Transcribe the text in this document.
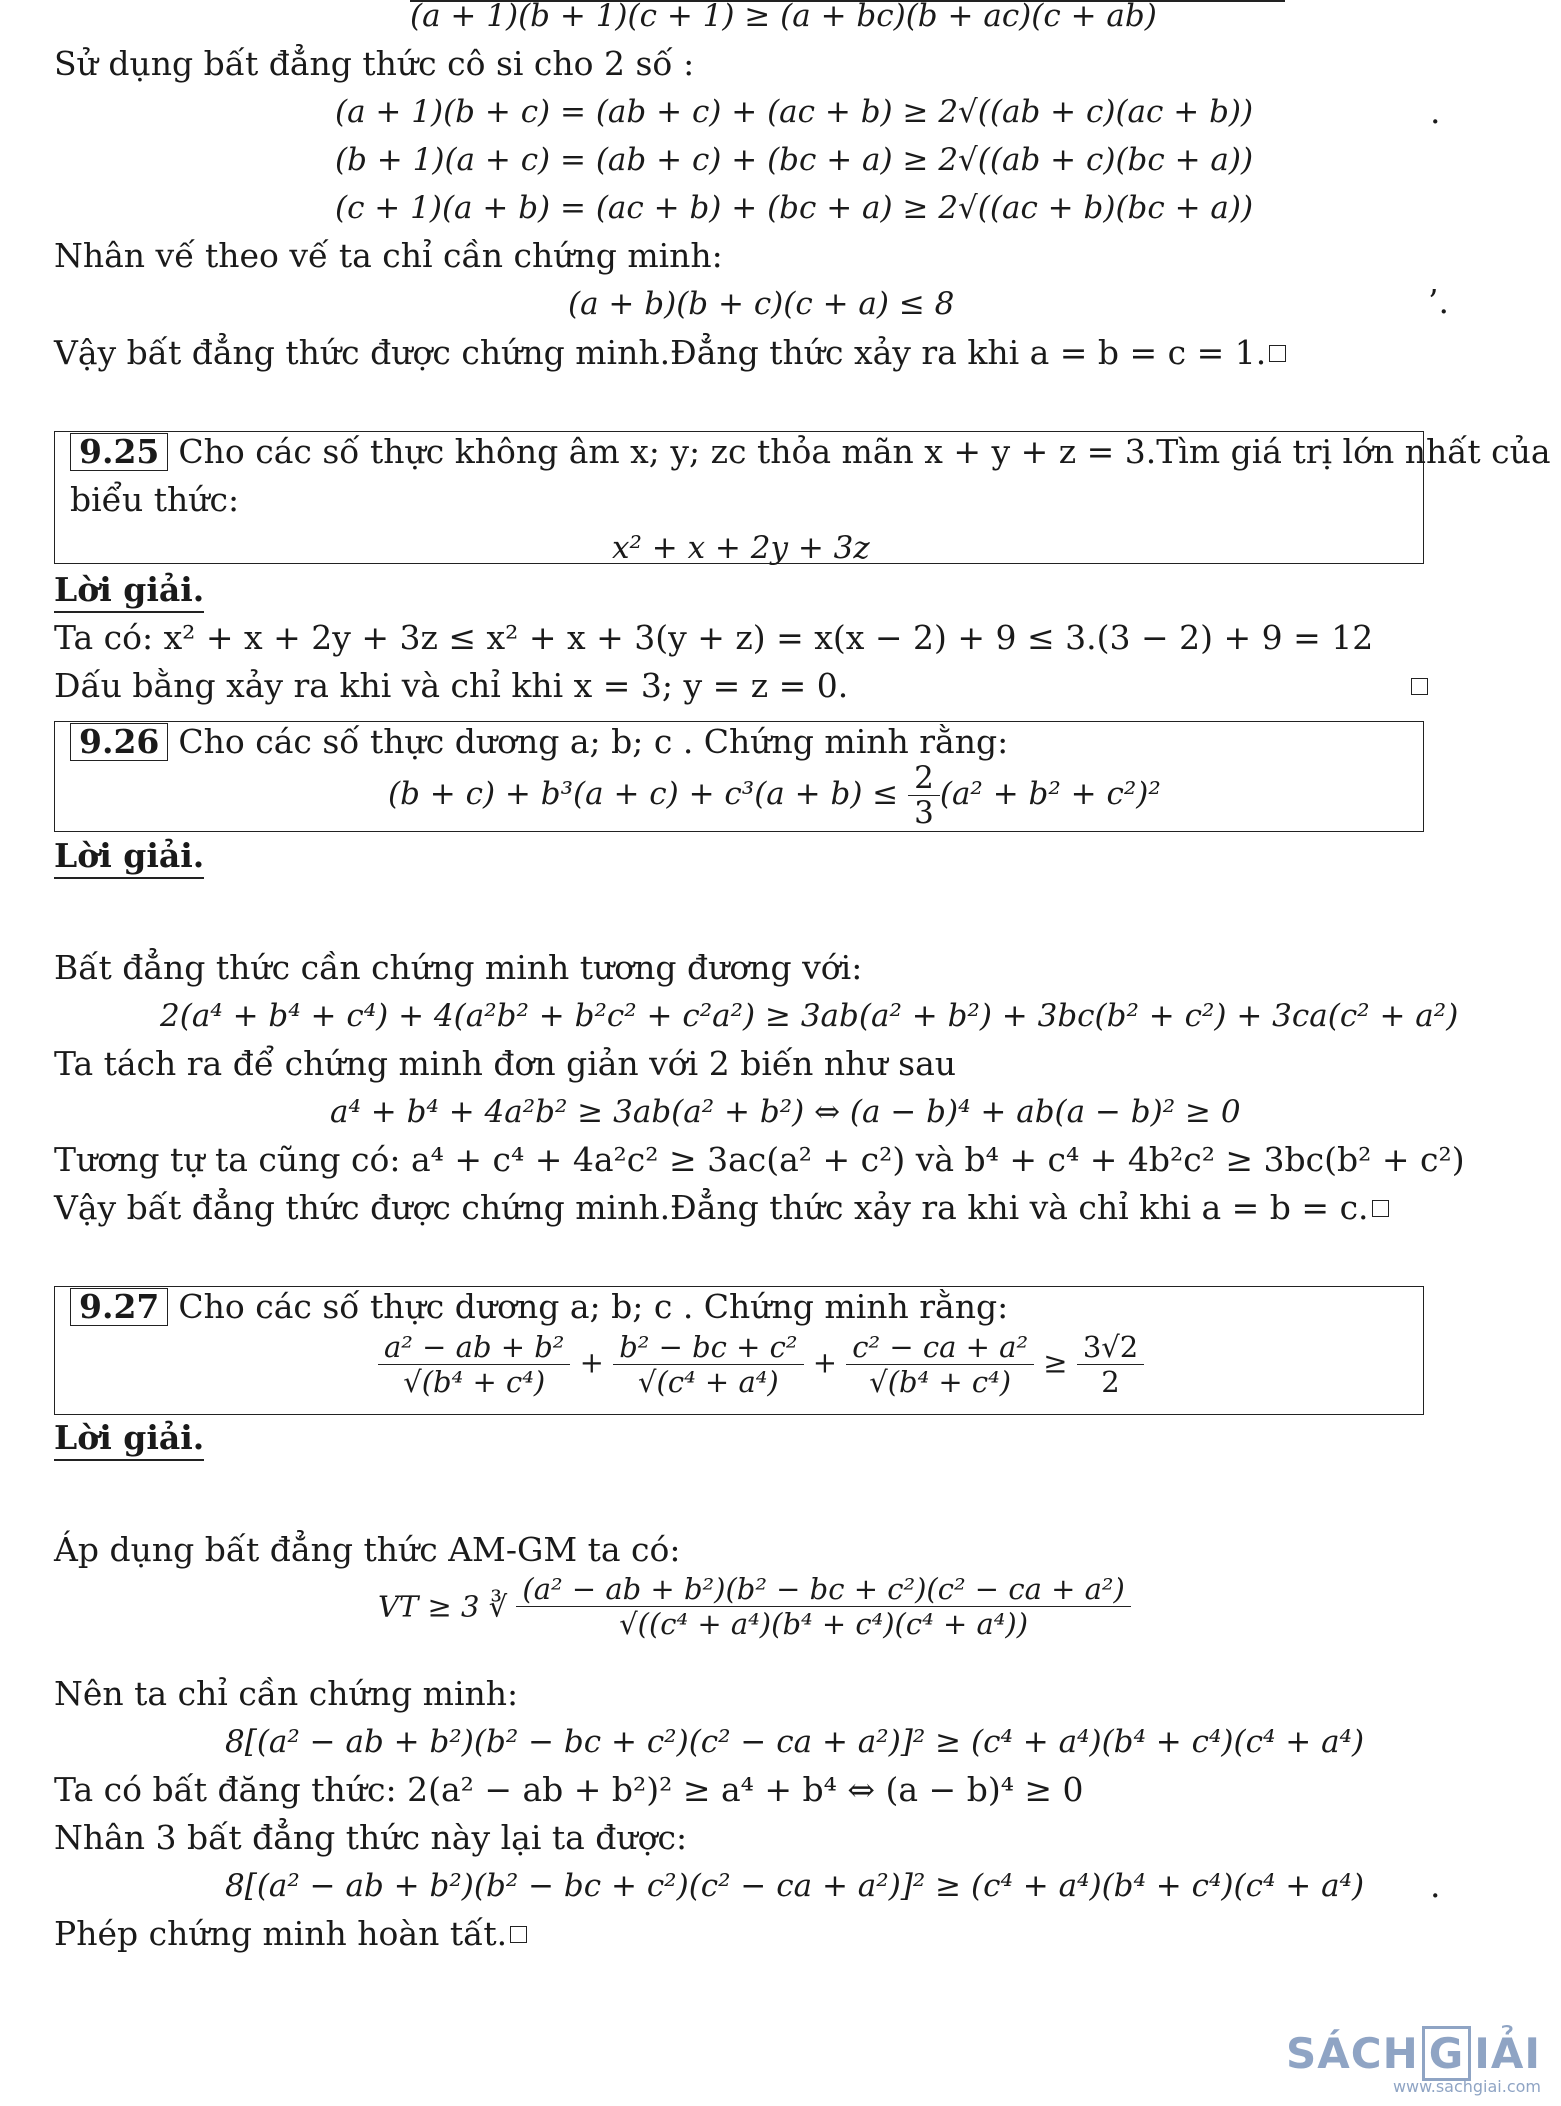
(a + 1)(b + 1)(c + 1) ≥ (a + bc)(b + ac)(c + ab)
Sử dụng bất đẳng thức cô si cho 2 số :
(a + 1)(b + c) = (ab + c) + (ac + b) ≥ 2√((ab + c)(ac + b))	.
(b + 1)(a + c) = (ab + c) + (bc + a) ≥ 2√((ab + c)(bc + a))
(c + 1)(a + b) = (ac + b) + (bc + a) ≥ 2√((ac + b)(bc + a))
Nhân vế theo vế ta chỉ cần chứng minh:
(a + b)(b + c)(c + a) ≤ 8	’.
Vậy bất đẳng thức được chứng minh.Đẳng thức xảy ra khi a = b = c = 1.
9.25 Cho các số thực không âm x; y; zc thỏa mãn x + y + z = 3.Tìm giá trị lớn nhất của
biểu thức:
x² + x + 2y + 3z
Lời giải.
Ta có: x² + x + 2y + 3z ≤ x² + x + 3(y + z) = x(x − 2) + 9 ≤ 3.(3 − 2) + 9 = 12
Dấu bằng xảy ra khi và chỉ khi x = 3; y = z = 0.
9.26 Cho các số thực dương a; b; c . Chứng minh rằng:
$(b + c) + b^3(a + c) + c^3(a + b) \le \frac{2}{3} (a^2 + b^2 + c^2)^2$
Lời giải.
Bất đẳng thức cần chứng minh tương đương với:
2(a⁴ + b⁴ + c⁴) + 4(a²b² + b²c² + c²a²) ≥ 3ab(a² + b²) + 3bc(b² + c²) + 3ca(c² + a²)
Ta tách ra để chứng minh đơn giản với 2 biến như sau
a⁴ + b⁴ + 4a²b² ≥ 3ab(a² + b²) ⇔ (a − b)⁴ + ab(a − b)² ≥ 0
Tương tự ta cũng có: a⁴ + c⁴ + 4a²c² ≥ 3ac(a² + c²) và b⁴ + c⁴ + 4b²c² ≥ 3bc(b² + c²)
Vậy bất đẳng thức được chứng minh.Đẳng thức xảy ra khi và chỉ khi a = b = c.
9.27 Cho các số thực dương a; b; c . Chứng minh rằng:
$\frac{\text{a² − ab + b²}}{\text{√(b⁴ + c⁴)}} + \frac{\text{b² − bc + c²}}{\text{√(c⁴ + a⁴)}} + \frac{\text{c² − ca + a²}}{\text{√(b⁴ + c⁴)}} \ge \frac{3√2}{2}$
Lời giải.
Áp dụng bất đẳng thức AM-GM ta có:
VT ≥ 3 ∛ $\frac{\text{(a² − ab + b²)(b² − bc + c²)(c² − ca + a²)}}{\text{√((c⁴ + a⁴)(b⁴ + c⁴)(c⁴ + a⁴))}}$
Nên ta chỉ cần chứng minh:
8[(a² − ab + b²)(b² − bc + c²)(c² − ca + a²)]² ≥ (c⁴ + a⁴)(b⁴ + c⁴)(c⁴ + a⁴)
Ta có bất đăng thức: 2(a² − ab + b²)² ≥ a⁴ + b⁴ ⇔ (a − b)⁴ ≥ 0
Nhân 3 bất đẳng thức này lại ta được:
8[(a² − ab + b²)(b² − bc + c²)(c² − ca + a²)]² ≥ (c⁴ + a⁴)(b⁴ + c⁴)(c⁴ + a⁴) .
Phép chứng minh hoàn tất.
SÁCH G IẢI
www.sachgiai.com
